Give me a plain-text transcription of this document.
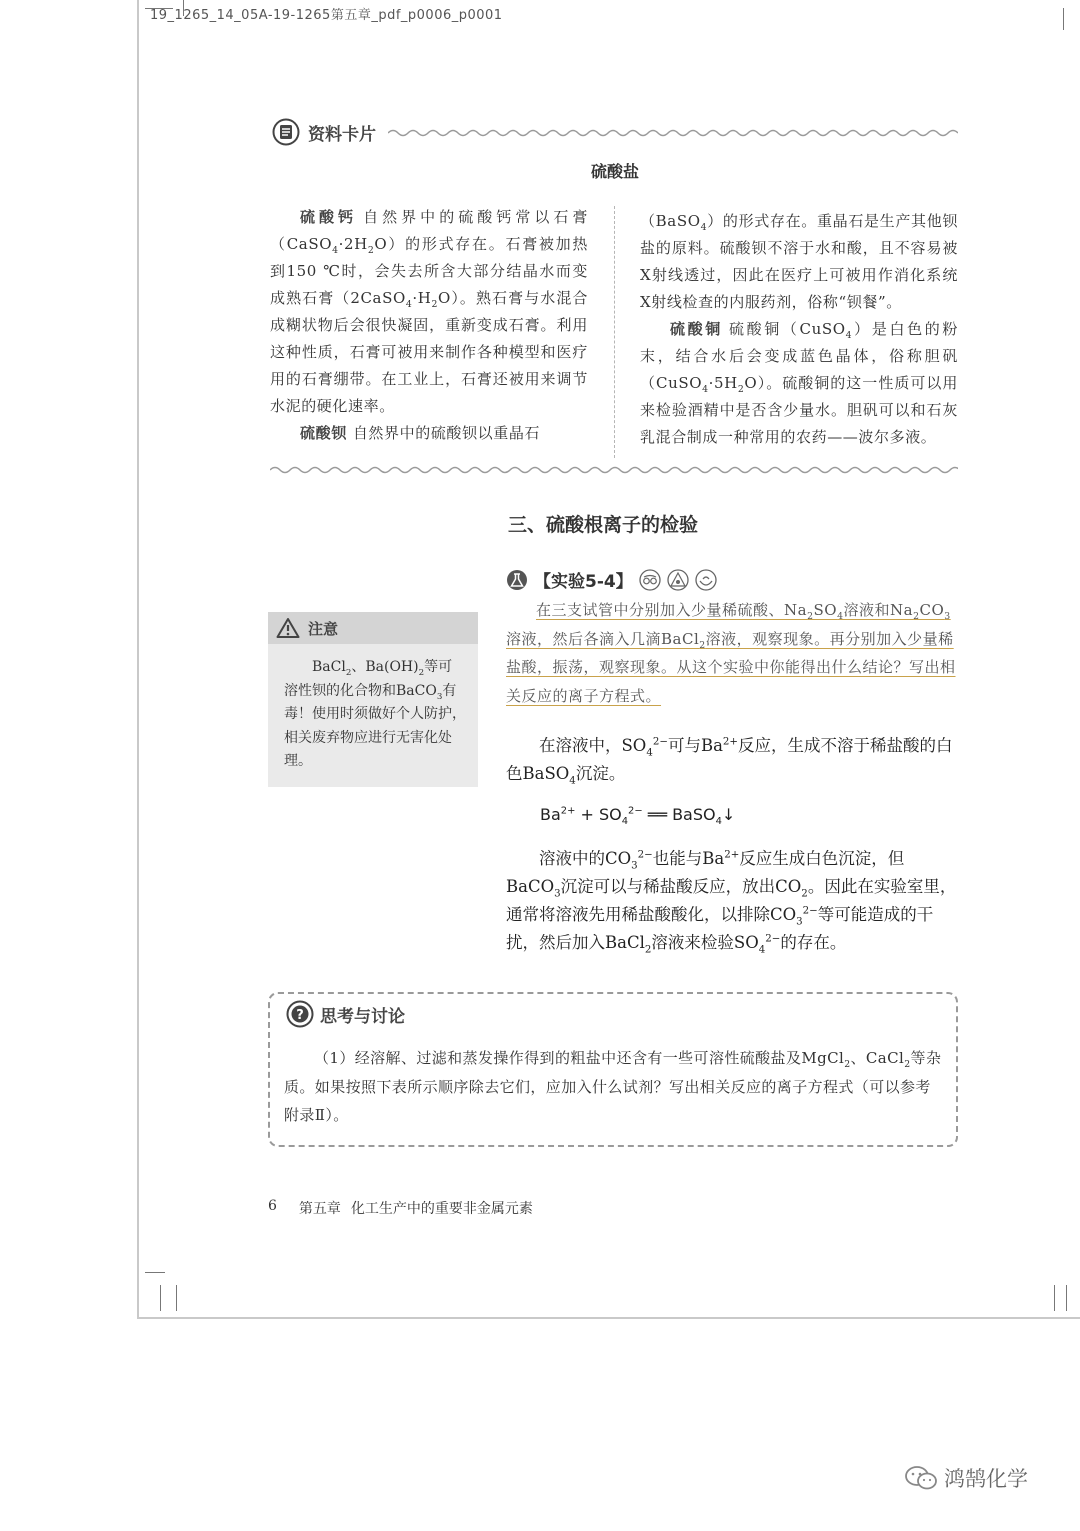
19_1265_14_05A-19-1265第五章_pdf_p0006_p0001
资料卡片
硫酸盐

硫酸钙 自然界中的硫酸钙常以石膏$(CaSO_4\cdot 2H_2O)$的形式存在。石膏被加热到150 ℃时，会失去所含大部分结晶水而变成熟石膏$(2CaSO_4\cdot H_2O)$。熟石膏与水混合成糊状物后会很快凝固，重新变成石膏。利用这种性质，石膏可被用来制作各种模型和医疗用的石膏绷带。在工业上，石膏还被用来调节水泥的硬化速率。

硫酸钡 自然界中的硫酸钡以重晶石

（BaSO$_4$）的形式存在。重晶石是生产其他钡盐的原料。硫酸钡不溶于水和酸，且不容易被X射线透过，因此在医疗上可被用作消化系统X射线检查的内服药剂，俗称“钡餐”。

硫酸铜 硫酸铜（CuSO$_4$）是白色的粉末，结合水后会变成蓝色晶体，俗称胆矾$(CuSO_4\cdot 5H_2O)$。硫酸铜的这一性质可以用来检验酒精中是否含少量水。胆矾可以和石灰乳混合制成一种常用的农药——波尔多液。

三、硫酸根离子的检验
【实验5-4】

在三支试管中分别加入少量稀硫酸、$Na_2SO_4$溶液和$Na_2CO_3$溶液，然后各滴入几滴BaCl$_2$溶液，观察现象。再分别加入少量稀盐酸，振荡，观察现象。从这个实验中你能得出什么结论？写出相关反应的离子方程式。

注意

BaCl$_2$、$Ba(OH)_2$等可溶性钡的化合物和BaCO$_3$有毒！使用时须做好个人防护，相关废弃物应进行无害化处理。

在溶液中，$SO_4^{2-}$可与$Ba^{2+}$反应，生成不溶于稀盐酸的白色BaSO$_4$沉淀。

$Ba^{2+} + SO_4^{2-}$ ══ BaSO$_4$↓

溶液中的$CO_3^{2-}$也能与$Ba^{2+}$反应生成白色沉淀，但BaCO$_3$沉淀可以与稀盐酸反应，放出$CO_2$。因此在实验室里，通常将溶液先用稀盐酸酸化，以排除$CO_3^{2-}$等可能造成的干扰，然后加入BaCl$_2$溶液来检验$SO_4^{2-}$的存在。

? 思考与讨论

（1）经溶解、过滤和蒸发操作得到的粗盐中还含有一些可溶性硫酸盐及MgCl$_2$、CaCl$_2$等杂质。如果按照下表所示顺序除去它们，应加入什么试剂？写出相关反应的离子方程式（可以参考附录Ⅱ）。

6 第五章 化工生产中的重要非金属元素
鸿鹄化学
